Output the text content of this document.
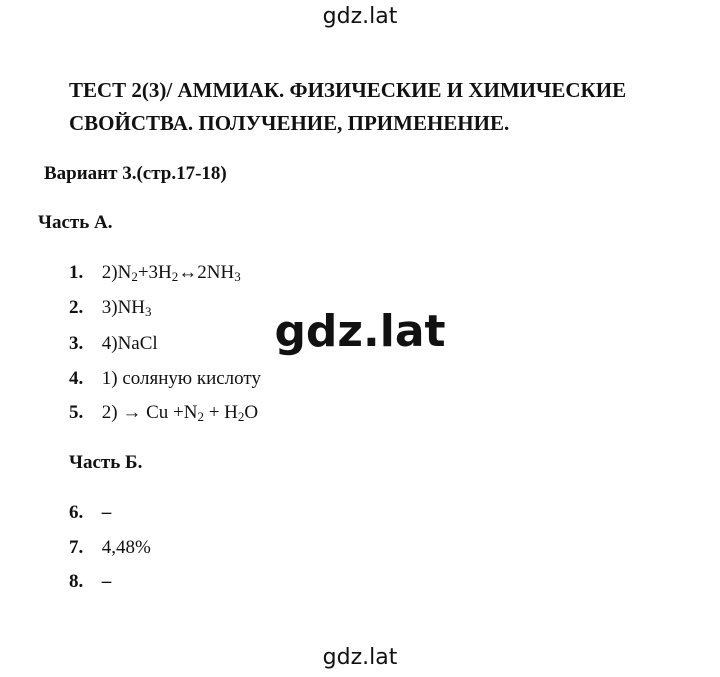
gdz.lat
ТЕСТ 2(3)/ АММИАК. ФИЗИЧЕСКИЕ И ХИМИЧЕСКИЕ
СВОЙСТВА. ПОЛУЧЕНИЕ, ПРИМЕНЕНИЕ.
Вариант 3.(стр.17-18)
Часть А.
1. $2)N_2+3H_2\leftrightarrow 2NH_3$
2. $3)NH_3$
3. 4)NaCl
4. 1) соляную кислоту
5. $2) \to Cu +N_2 + H_2O$
Часть Б.
6. –
7. 4,48%
8. –
gdz.lat
gdz.lat
